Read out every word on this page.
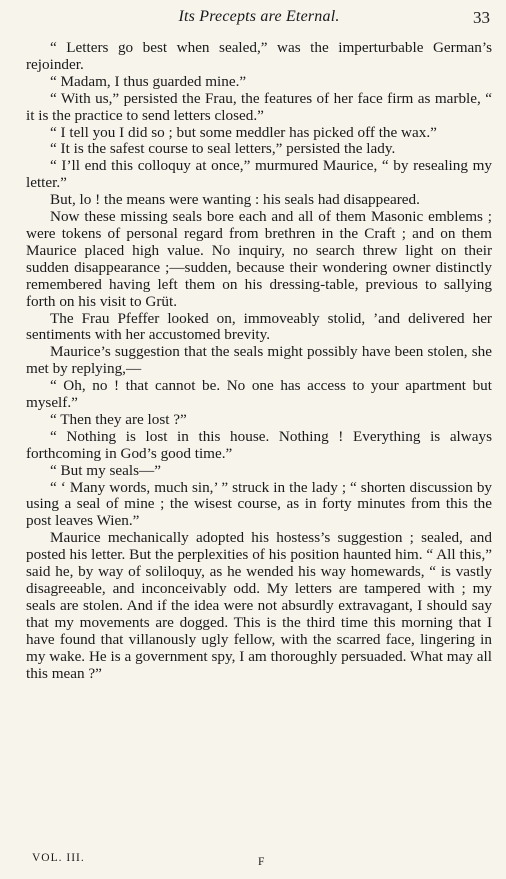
Its Precepts are Eternal.	33

“ Letters go best when sealed,” was the imperturbable German’s rejoinder.

“ Madam, I thus guarded mine.”

“ With us,” persisted the Frau, the features of her face firm as marble, “ it is the practice to send letters closed.”

“ I tell you I did so ; but some meddler has picked off the wax.”

“ It is the safest course to seal letters,” persisted the lady.

“ I’ll end this colloquy at once,” murmured Maurice, “ by resealing my letter.”

But, lo ! the means were wanting : his seals had disappeared.

Now these missing seals bore each and all of them Masonic emblems ; were tokens of personal regard from brethren in the Craft ; and on them Maurice placed high value. No inquiry, no search threw light on their sudden disappearance ;—sudden, because their wondering owner distinctly remembered having left them on his dressing-table, previous to sallying forth on his visit to Grüt.

The Frau Pfeffer looked on, immoveably stolid, ’and delivered her sentiments with her accustomed brevity.

Maurice’s suggestion that the seals might possibly have been stolen, she met by replying,—

“ Oh, no ! that cannot be. No one has access to your apartment but myself.”

“ Then they are lost ?”

“ Nothing is lost in this house. Nothing ! Everything is always forthcoming in God’s good time.”

“ But my seals—”

“ ‘ Many words, much sin,’ ” struck in the lady ; “ shorten discussion by using a seal of mine ; the wisest course, as in forty minutes from this the post leaves Wien.”

Maurice mechanically adopted his hostess’s suggestion ; sealed, and posted his letter. But the perplexities of his position haunted him. “ All this,” said he, by way of soliloquy, as he wended his way homewards, “ is vastly disagreeable, and inconceivably odd. My letters are tampered with ; my seals are stolen. And if the idea were not absurdly extravagant, I should say that my movements are dogged. This is the third time this morning that I have found that villanously ugly fellow, with the scarred face, lingering in my wake. He is a government spy, I am thoroughly persuaded. What may all this mean ?”

VOL. III.	F
